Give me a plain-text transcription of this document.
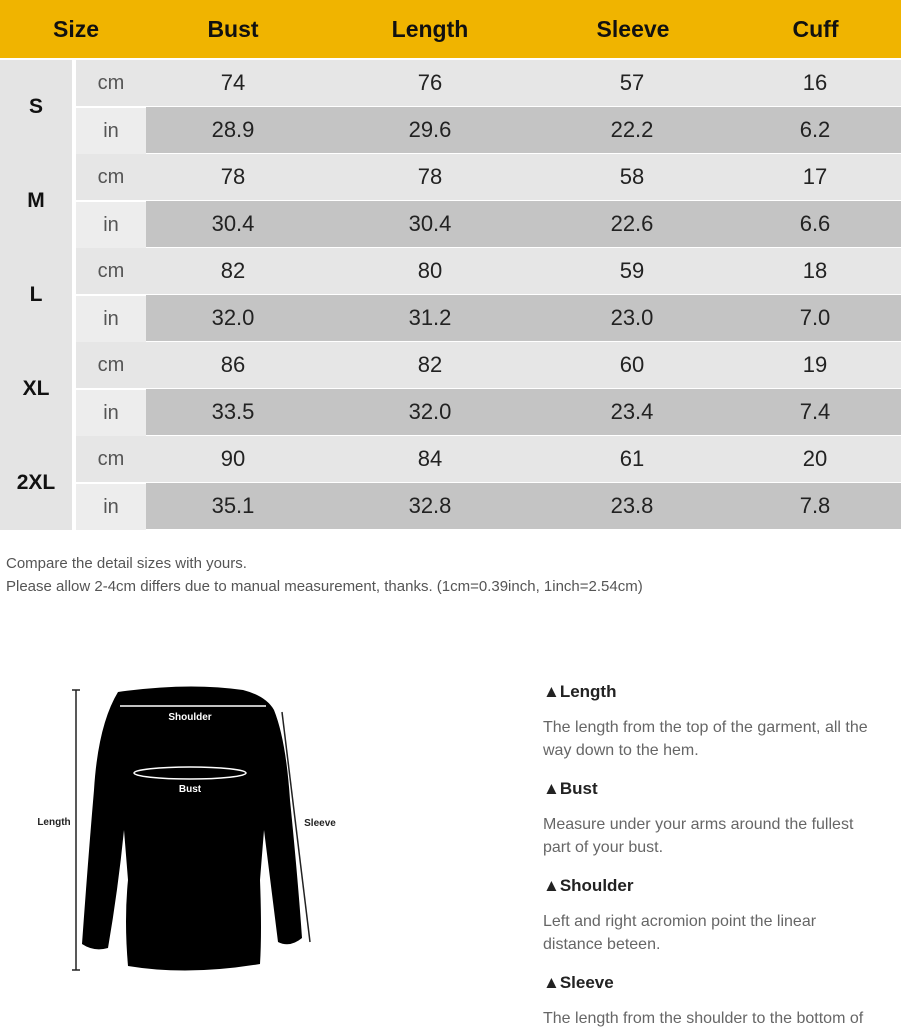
Size	Bust	Length	Sleeve	Cuff
S
cm	74	76	57	16
in	28.9	29.6	22.2	6.2
M
cm	78	78	58	17
in	30.4	30.4	22.6	6.6
L
cm	82	80	59	18
in	32.0	31.2	23.0	7.0
XL
cm	86	82	60	19
in	33.5	32.0	23.4	7.4
2XL
cm	90	84	61	20
in	35.1	32.8	23.8	7.8
Compare the detail sizes with yours.
Please allow 2-4cm differs due to manual measurement, thanks. (1cm=0.39inch, 1inch=2.54cm)
Shoulder
Bust
Length	Sleeve
▲Length
The length from the top of the garment, all the
way down to the hem.
▲Bust
Measure under your arms around the fullest
part of your bust.
▲Shoulder
Left and right acromion point the linear
distance beteen.
▲Sleeve
The length from the shoulder to the bottom of
